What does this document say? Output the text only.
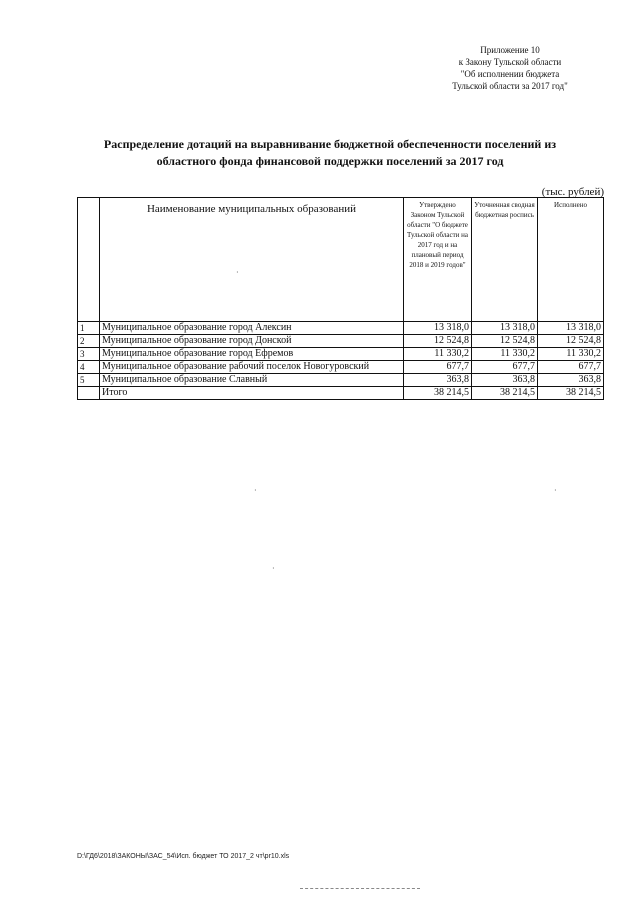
Приложение 10
к Закону Тульской области
"Об исполнении бюджета
Тульской области за 2017 год"
Распределение дотаций на выравнивание бюджетной обеспеченности поселений из
областного фонда финансовой поддержки поселений за 2017 год
(тыс. рублей)
	Наименование муниципальных образований	Утверждено Законом Тульской области "О бюджете Тульской области на 2017 год и на плановый период 2018 и 2019 годов"	Уточненная сводная бюджетная роспись	Исполнено
1	Муниципальное образование город Алексин	13 318,0	13 318,0	13 318,0
2	Муниципальное образование город Донской	12 524,8	12 524,8	12 524,8
3	Муниципальное образование город Ефремов	11 330,2	11 330,2	11 330,2
4	Муниципальное образование рабочий поселок Новогуровский	677,7	677,7	677,7
5	Муниципальное образование Славный	363,8	363,8	363,8
	Итого	38 214,5	38 214,5	38 214,5
·
·	·
·
D:\ГД6\2018\ЗАКОНЫ\ЗАС_54\Исп. бюджет ТО 2017_2 чт\pr10.xls
